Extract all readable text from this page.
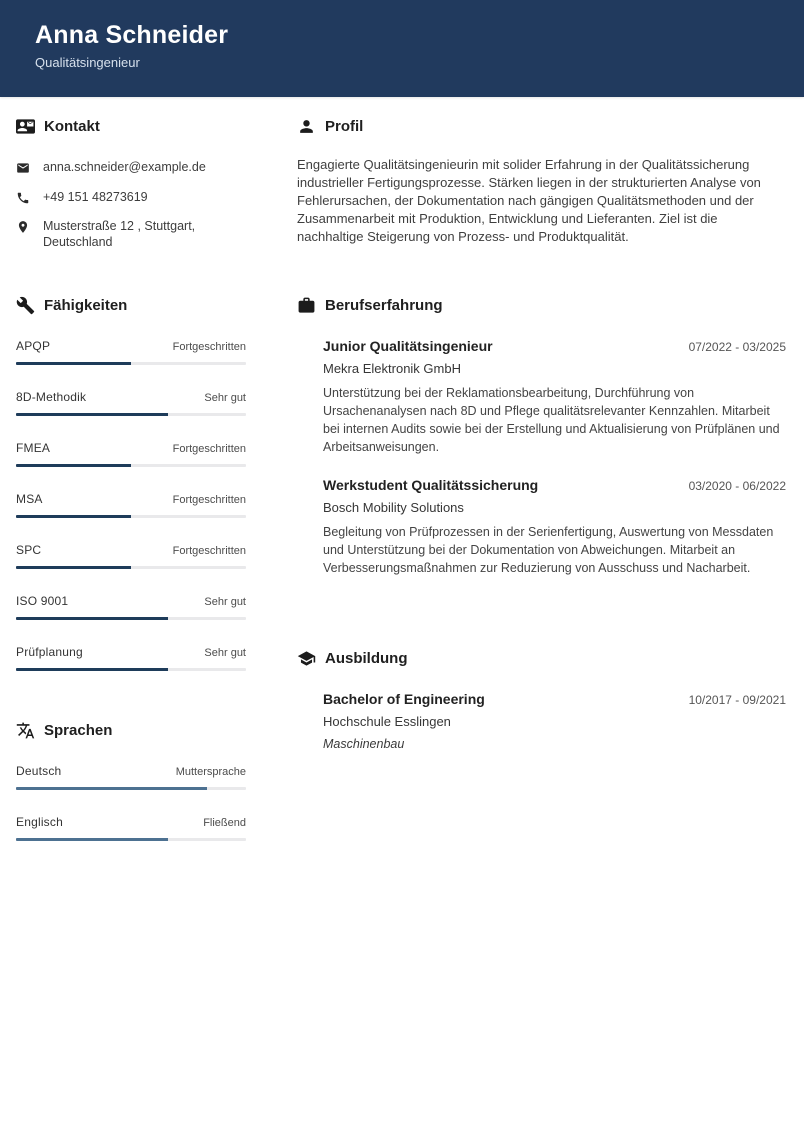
Anna Schneider
Qualitätsingenieur
Kontakt
anna.schneider@example.de
+49 151 48273619
Musterstraße 12 , Stuttgart,
Deutschland
Fähigkeiten
APQP	Fortgeschritten
8D-Methodik	Sehr gut
FMEA	Fortgeschritten
MSA	Fortgeschritten
SPC	Fortgeschritten
ISO 9001	Sehr gut
Prüfplanung	Sehr gut
Sprachen
Deutsch	Muttersprache
Englisch	Fließend
Profil
Engagierte Qualitätsingenieurin mit solider Erfahrung in der Qualitätssicherung industrieller Fertigungsprozesse. Stärken liegen in der strukturierten Analyse von Fehlerursachen, der Dokumentation nach gängigen Qualitätsmethoden und der Zusammenarbeit mit Produktion, Entwicklung und Lieferanten. Ziel ist die nachhaltige Steigerung von Prozess- und Produktqualität.
Berufserfahrung
Junior Qualitätsingenieur	07/2022 - 03/2025
Mekra Elektronik GmbH
Unterstützung bei der Reklamationsbearbeitung, Durchführung von Ursachenanalysen nach 8D und Pflege qualitätsrelevanter Kennzahlen. Mitarbeit bei internen Audits sowie bei der Erstellung und Aktualisierung von Prüfplänen und Arbeitsanweisungen.
Werkstudent Qualitätssicherung	03/2020 - 06/2022
Bosch Mobility Solutions
Begleitung von Prüfprozessen in der Serienfertigung, Auswertung von Messdaten und Unterstützung bei der Dokumentation von Abweichungen. Mitarbeit an Verbesserungsmaßnahmen zur Reduzierung von Ausschuss und Nacharbeit.
Ausbildung
Bachelor of Engineering	10/2017 - 09/2021
Hochschule Esslingen
Maschinenbau
